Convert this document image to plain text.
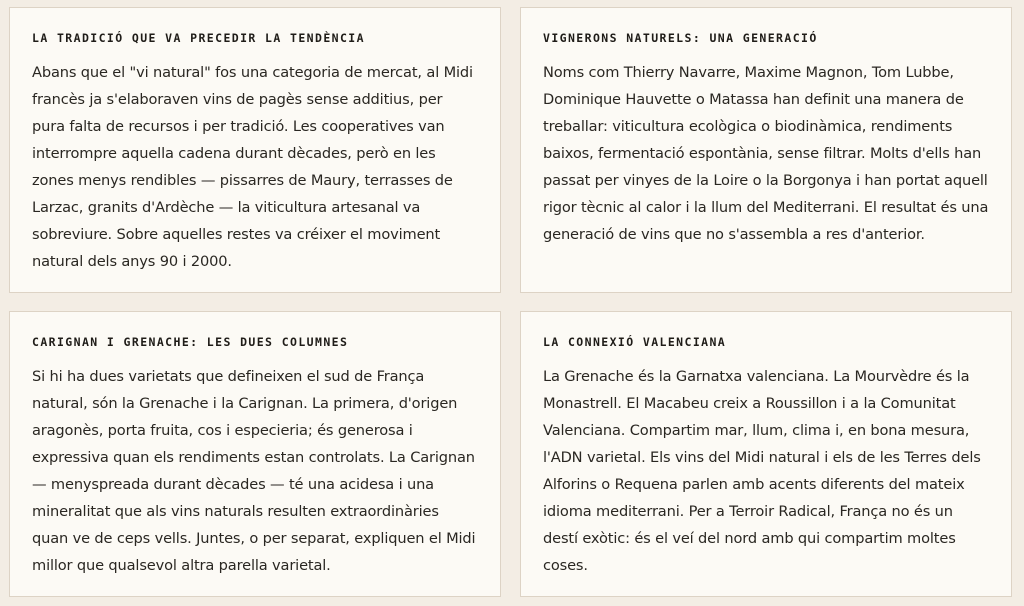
LA TRADICIÓ QUE VA PRECEDIR LA TENDÈNCIA

Abans que el "vi natural" fos una categoria de mercat, al Midi francès ja s'elaboraven vins de pagès sense additius, per pura falta de recursos i per tradició. Les cooperatives van interrompre aquella cadena durant dècades, però en les zones menys rendibles — pissarres de Maury, terrasses de Larzac, granits d'Ardèche — la viticultura artesanal va sobreviure. Sobre aquelles restes va créixer el moviment natural dels anys 90 i 2000.

VIGNERONS NATURELS: UNA GENERACIÓ

Noms com Thierry Navarre, Maxime Magnon, Tom Lubbe, Dominique Hauvette o Matassa han definit una manera de treballar: viticultura ecològica o biodinàmica, rendiments baixos, fermentació espontània, sense filtrar. Molts d'ells han passat per vinyes de la Loire o la Borgonya i han portat aquell rigor tècnic al calor i la llum del Mediterrani. El resultat és una generació de vins que no s'assembla a res d'anterior.

CARIGNAN I GRENACHE: LES DUES COLUMNES

Si hi ha dues varietats que defineixen el sud de França natural, són la Grenache i la Carignan. La primera, d'origen aragonès, porta fruita, cos i especieria; és generosa i expressiva quan els rendiments estan controlats. La Carignan — menyspreada durant dècades — té una acidesa i una mineralitat que als vins naturals resulten extraordinàries quan ve de ceps vells. Juntes, o per separat, expliquen el Midi millor que qualsevol altra parella varietal.

LA CONNEXIÓ VALENCIANA

La Grenache és la Garnatxa valenciana. La Mourvèdre és la Monastrell. El Macabeu creix a Roussillon i a la Comunitat Valenciana. Compartim mar, llum, clima i, en bona mesura, l'ADN varietal. Els vins del Midi natural i els de les Terres dels Alforins o Requena parlen amb acents diferents del mateix idioma mediterrani. Per a Terroir Radical, França no és un destí exòtic: és el veí del nord amb qui compartim moltes coses.
